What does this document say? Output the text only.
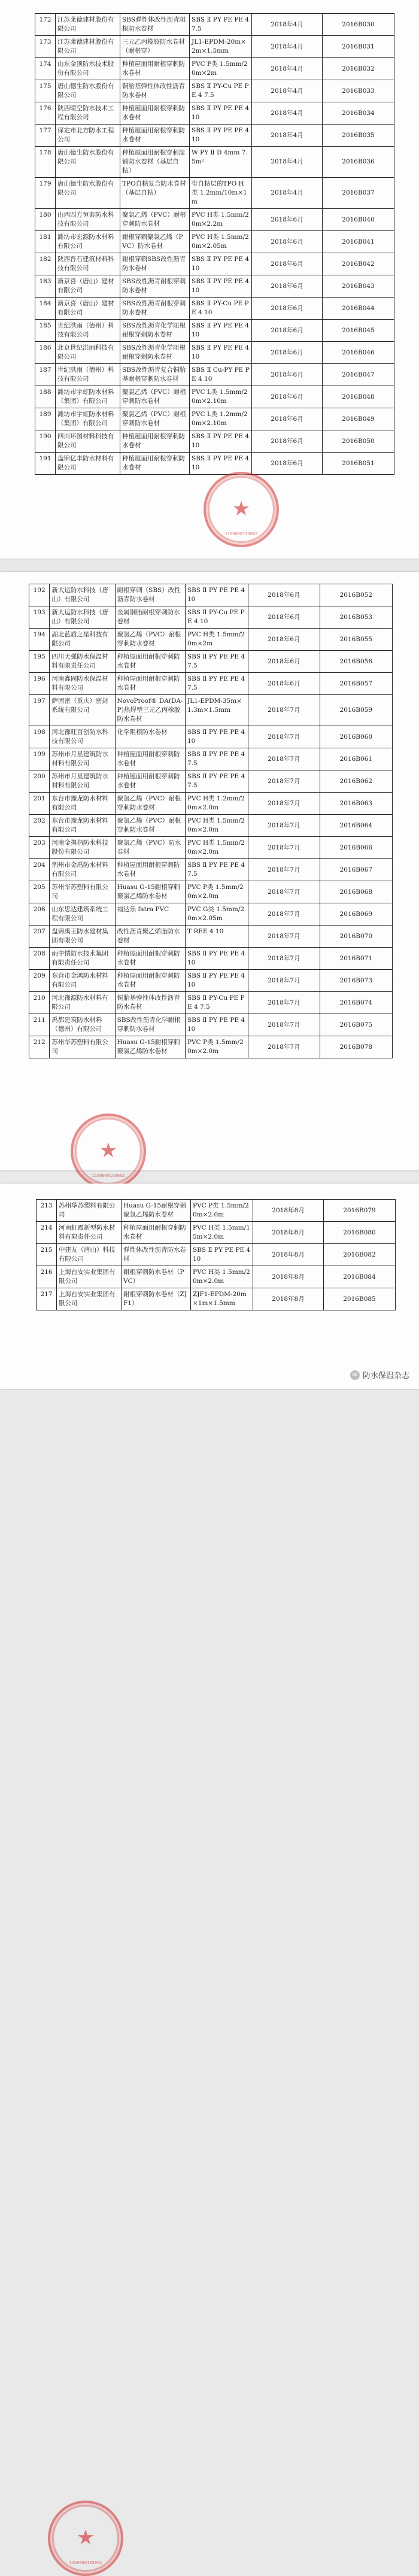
172	江苏莱德建材股份有限公司	SBS弹性体改性沥青阻根防水卷材	SBS Ⅱ PY PE PE 4 7.5	2018年4月	2016B030
173	江苏莱德建材股份有限公司	三元乙丙橡胶防水卷材（耐根穿）	JL1-EPDM-20m×2m×1.5mm	2018年4月	2016B031
174	山东金顶防水技术股份有限公司	种植屋面用耐根穿刺防水卷材	PVC P类 1.5mm/20m×2m	2018年4月	2016B032
175	唐山德生防水股份有限公司	铜胎基弹性体改性沥青防水卷材	SBS Ⅱ PY-Cu PE PE 4 7.5	2018年4月	2016B033
176	陕西晴空防水技术工程有限公司	种植屋面用耐根穿刺防水卷材	SBS Ⅱ PY PE PE 4 10	2018年4月	2016B034
177	保定市北方防水工程公司	种植屋面用耐根穿刺防水卷材	SBS Ⅱ PY PE PE 4 10	2018年4月	2016B035
178	唐山德生防水股份有限公司	种植屋面用耐根穿刺湿铺防水卷材（基层自粘）	W PY Ⅱ D 4mm 7.5m²	2018年4月	2016B036
179	唐山德生防水股份有限公司	TPO自粘复合防水卷材（基层自粘）	带自粘层的TPO H类 1.2mm/10m×1m	2018年4月	2016B037
180	山西四方恒泰防水科技有限公司	聚氯乙烯（PVC）耐根穿刺防水卷材	PVC H类 1.5mm/20m×2.2m	2018年6月	2016B040
181	潍坊市宏源防水材料有限公司	耐根穿刺聚氯乙烯（PVC）防水卷材	PVC H类 1.5mm/20m×2.05m	2018年6月	2016B041
182	陕西晋石建筑材料科技有限公司	耐根穿刺SBS改性沥青防水卷材	SBS Ⅱ PY PE PE 4 10	2018年6月	2016B042
183	新京喜（唐山）建材有限公司	SBS改性沥青耐根穿刺防水卷材	SBS Ⅱ PY PE PE 4 10	2018年6月	2016B043
184	新京喜（唐山）建材有限公司	SBS改性沥青耐根穿刺防水卷材	SBS Ⅱ PY-Cu PE PE 4 10	2018年6月	2016B044
185	世纪洪雨（德州）科技有限公司	SBS改性沥青化学阻根耐根穿刺防水卷材	SBS Ⅱ PY PE PE 4 10	2018年6月	2016B045
186	北京世纪洪雨科技有限公司	SBS改性沥青化学阻根耐根穿刺防水卷材	SBS Ⅱ PY PE PE 4 10	2018年6月	2016B046
187	世纪洪雨（德州）科技有限公司	SBS改性沥青复合铜胎基耐根穿刺防水卷材	SBS Ⅱ Cu-PY PE PE 4 10	2018年6月	2016B047
188	潍坊市宇虹防水材料（集团）有限公司	聚氯乙烯（PVC）耐根穿刺防水卷材	PVC L类 1.5mm/20m×2.10m	2018年6月	2016B048
189	潍坊市宇虹防水材料（集团）有限公司	聚氯乙烯（PVC）耐根穿刺防水卷材	PVC L类 1.2mm/20m×2.10m	2018年6月	2016B049
190	四川环图材料科技有限公司	种植屋面用耐根穿刺防水卷材	SBS Ⅱ PY PE PE 4 10	2018年6月	2016B050
191	盘锦亿丰防水材料有限公司	种植屋面用耐根穿刺防水卷材	SBS Ⅱ PY PE PE 4 10	2018年6月	2016B051
★
1100000135062
192	新大运防水科技（唐山）有限公司	耐根穿刺（SBS）改性沥青防水卷材	SBS Ⅱ PY PE PE 4 10	2018年6月	2016B052
193	新大运防水科技（唐山）有限公司	金属铜胎耐根穿刺防水卷材	SBS Ⅱ PY-Cu PE PE 4 10	2018年6月	2016B053
194	湖北蓝盾之星科技有限公司	聚氯乙烯（PVC）耐根穿刺防水卷材	PVC H类 1.5mm/20m×2m	2018年6月	2016B055
195	四川天强防水保温材料有限责任公司	种植屋面用耐根穿刺防水卷材	SBS Ⅱ PY PE PE 4 7.5	2018年6月	2016B056
196	河南鑫固防水保温材料有限公司	种植屋面用耐根穿刺防水卷材	SBS Ⅱ PY PE PE 4 7.5	2018年6月	2016B057
197	萨固密（重庆）密封系统有限公司	NovoProof® DA(DA-P)热焊型三元乙丙橡胶防水卷材	JL1-EPDM-35m×1.3m×1.5mm	2018年7月	2016B059
198	河北豫旺百创防水科技有限公司	化学阻根防水卷材	SBS Ⅱ PY PE PE 4 10	2018年7月	2016B060
199	苏州市月星建筑防水材料有限公司	种植屋面用耐根穿刺防水卷材	SBS Ⅱ PY PE PE 4 7.5	2018年7月	2016B061
200	苏州市月星建筑防水材料有限公司	种植屋面用耐根穿刺防水卷材	SBS Ⅱ PY PE PE 4 7.5	2018年7月	2016B062
201	东台市豫龙防水材料有限公司	聚氯乙烯（PVC）耐根穿刺防水卷材	PVC H类 1.2mm/20m×2.0m	2018年7月	2016B063
202	东台市豫龙防水材料有限公司	聚氯乙烯（PVC）耐根穿刺防水卷材	PVC H类 1.5mm/20m×2.0m	2018年7月	2016B064
203	河南金拇指防水科技股份有限公司	聚氯乙烯（PVC）防水卷材	PVC H类 1.5mm/20m×2.0m	2018年7月	2016B066
204	荆州市金禹防水材料有限公司	种植屋面用耐根穿刺防水卷材	SBS Ⅱ PY PE PE 4 7.5	2018年7月	2016B067
205	苏州华苏塑料有限公司	Huasu G-15耐根穿刺聚氯乙烯防水卷材	PVC P类 1.5mm/20m×2.0m	2018年7月	2016B068
206	山东思达建筑系统工程有限公司	福达乐 fatra PVC	PVC G类 1.5mm/20m×2.05m	2018年7月	2016B069
207	盘锦禹王防水建材集团有限公司	改性沥青聚乙烯胎防水卷材	T REE 4 10	2018年7月	2016B070
208	雨中情防水技术集团有限责任公司	种植屋面用耐根穿刺防水卷材	SBS Ⅱ PY PE PE 4 10	2018年7月	2016B071
209	东营市金鸿防水材料有限公司	种植屋面用耐根穿刺防水卷材	SBS Ⅱ PY PE PE 4 10	2018年7月	2016B073
210	河北豫源防水材料有限公司	铜胎基弹性体改性沥青防水卷材	SBS Ⅱ PY-Cu PE PE 4 7.5	2018年7月	2016B074
211	禹都建筑防水材料（德州）有限公司	SBS改性沥青化学耐根穿刺防水卷材	SBS Ⅱ PY PE PE 4 10	2018年7月	2016B075
212	苏州华苏塑料有限公司	Huasu G-15耐根穿刺聚氯乙烯防水卷材	PVC P类 1.5mm/20m×2.0m	2018年7月	2016B078
★
1100000135062
213	苏州华苏塑料有限公司	Huasu G-15耐根穿刺聚氯乙烯防水卷材	PVC P类 1.5mm/20m×2.0m	2018年8月	2016B079
214	河南虹霞新型防水材料有限责任公司	种植屋面用耐根穿刺防水卷材	PVC H类 1.5mm/15m×2.0m	2018年8月	2016B080
215	中建友（唐山）科技有限公司	弹性体改性沥青防水卷材	SBS Ⅱ PY PE PE 4 10	2018年8月	2016B082
216	上海台安实业集团有限公司	耐根穿刺防水卷材（PVC）	PVC H类 1.5mm/20m×2.0m	2018年8月	2016B084
217	上海台安实业集团有限公司	耐根穿刺防水卷材（ZJF1）	ZJF1-EPDM-20m×1m×1.5mm	2018年8月	2016B085
★
1100000135062
✉ 防水保温杂志
